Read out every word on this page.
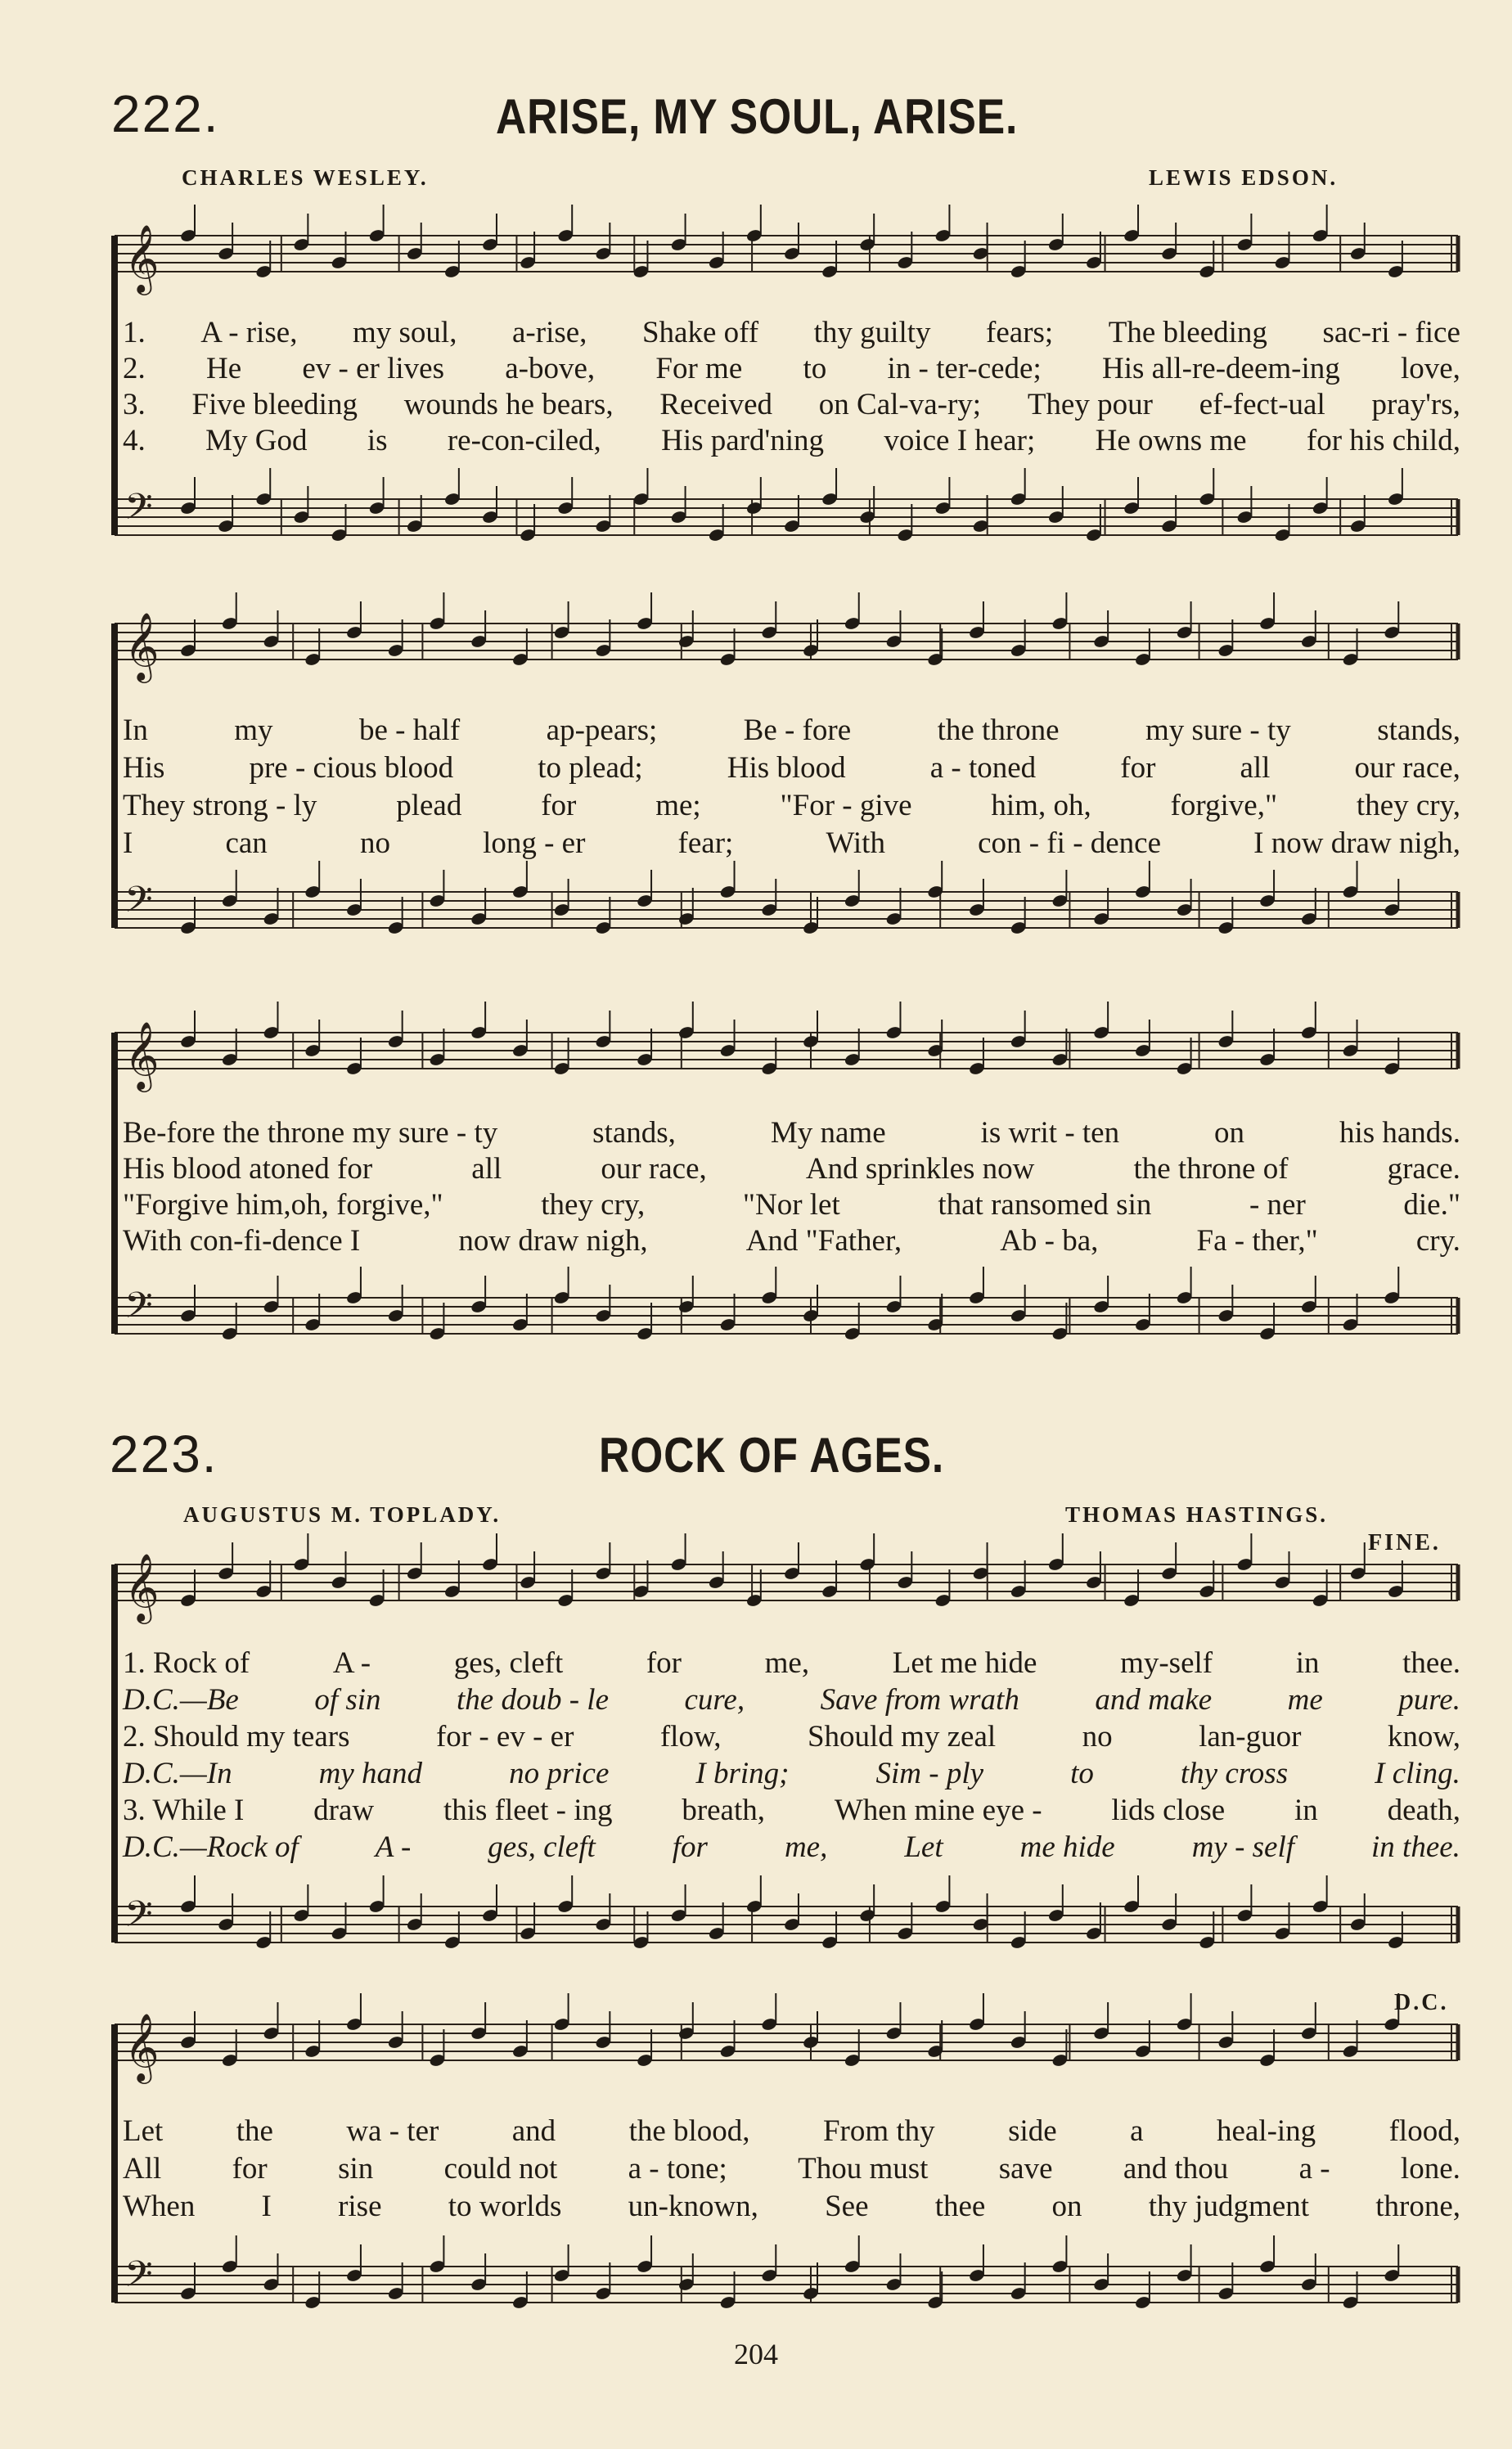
222.	ARISE, MY SOUL, ARISE.
CHARLES WESLEY.	LEWIS EDSON.
223.	ROCK OF AGES.
AUGUSTUS M. TOPLADY.	THOMAS HASTINGS.
FINE.
D.C.
𝄞
𝄢
𝄞
𝄢
𝄞
𝄢
𝄞
𝄢
𝄞
𝄢
1. A - rise, my soul, a-rise, Shake off thy guilty fears; The bleeding sac-ri - fice
2. He ev - er lives a-bove, For me to in - ter-cede; His all-re-deem-ing love,
3. Five bleeding wounds he bears, Received on Cal-va-ry; They pour ef-fect-ual pray'rs,
4. My God is re-con-ciled, His pard'ning voice I hear; He owns me for his child,
In	my	be - half	ap-pears;	Be - fore	the throne	my sure - ty	stands,
His	pre - cious blood	to plead;	His blood	a - toned	for	all	our race,
They strong - ly	plead	for	me;	"For - give	him, oh,	forgive,"	they cry,
I	can	no	long - er	fear;	With	con - fi - dence	I now draw nigh,
Be-fore the throne my sure - ty	stands,	My name	is writ - ten	on	his hands.
His blood atoned for	all	our race,	And sprinkles now	the throne of	grace.
"Forgive him,oh, forgive,"	they cry,	"Nor let	that ransomed sin	- ner	die."
With con-fi-dence I	now draw nigh,	And "Father,	Ab - ba,	Fa - ther,"	cry.
1. Rock of	A -	ges, cleft	for	me,	Let me hide	my-self	in	thee.
D.C.—Be of sin the doub - le cure, Save from wrath and make me pure.
2. Should my tears	for - ev - er	flow,	Should my zeal	no	lan-guor	know,
D.C.—In	my hand	no price	I bring;	Sim - ply	to	thy cross	I cling.
3. While I draw this fleet - ing breath, When mine eye - lids close in death,
D.C.—Rock of	A -	ges, cleft	for	me,	Let	me hide	my - self	in thee.
Let the wa - ter and the blood, From thy side a heal-ing flood,
All for sin could not a - tone; Thou must save and thou a - lone.
When I rise to worlds un-known, See thee on thy judgment throne,
204
